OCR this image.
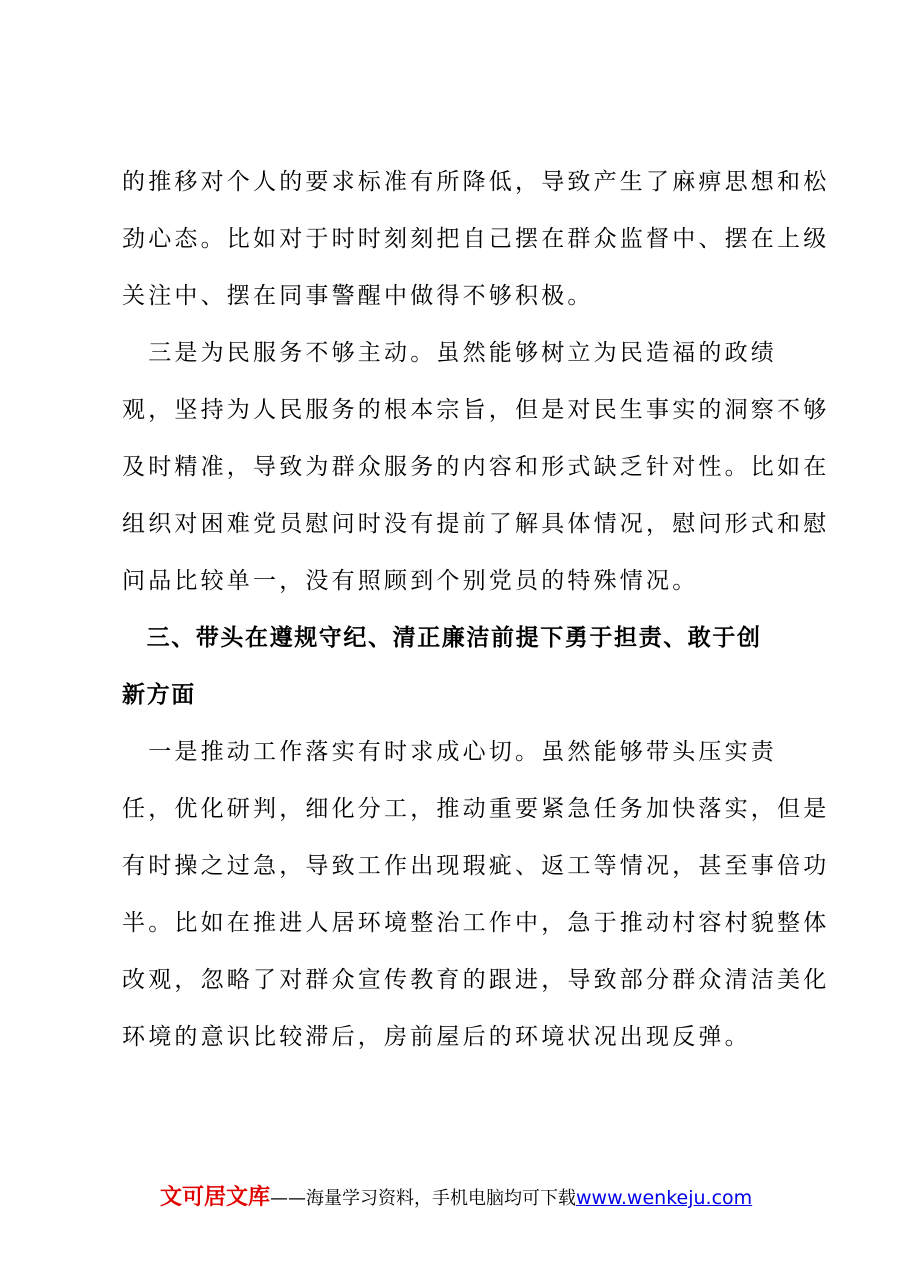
的推移对个人的要求标准有所降低，导致产生了麻痹思想和松
劲心态。比如对于时时刻刻把自己摆在群众监督中、摆在上级
关注中、摆在同事警醒中做得不够积极。
　三是为民服务不够主动。虽然能够树立为民造福的政绩
观，坚持为人民服务的根本宗旨，但是对民生事实的洞察不够
及时精准，导致为群众服务的内容和形式缺乏针对性。比如在
组织对困难党员慰问时没有提前了解具体情况，慰问形式和慰
问品比较单一，没有照顾到个别党员的特殊情况。
　三、带头在遵规守纪、清正廉洁前提下勇于担责、敢于创
新方面
　一是推动工作落实有时求成心切。虽然能够带头压实责
任，优化研判，细化分工，推动重要紧急任务加快落实，但是
有时操之过急，导致工作出现瑕疵、返工等情况，甚至事倍功
半。比如在推进人居环境整治工作中，急于推动村容村貌整体
改观，忽略了对群众宣传教育的跟进，导致部分群众清洁美化
环境的意识比较滞后，房前屋后的环境状况出现反弹。
文可居文库——海量学习资料，手机电脑均可下载www.wenkeju.com
